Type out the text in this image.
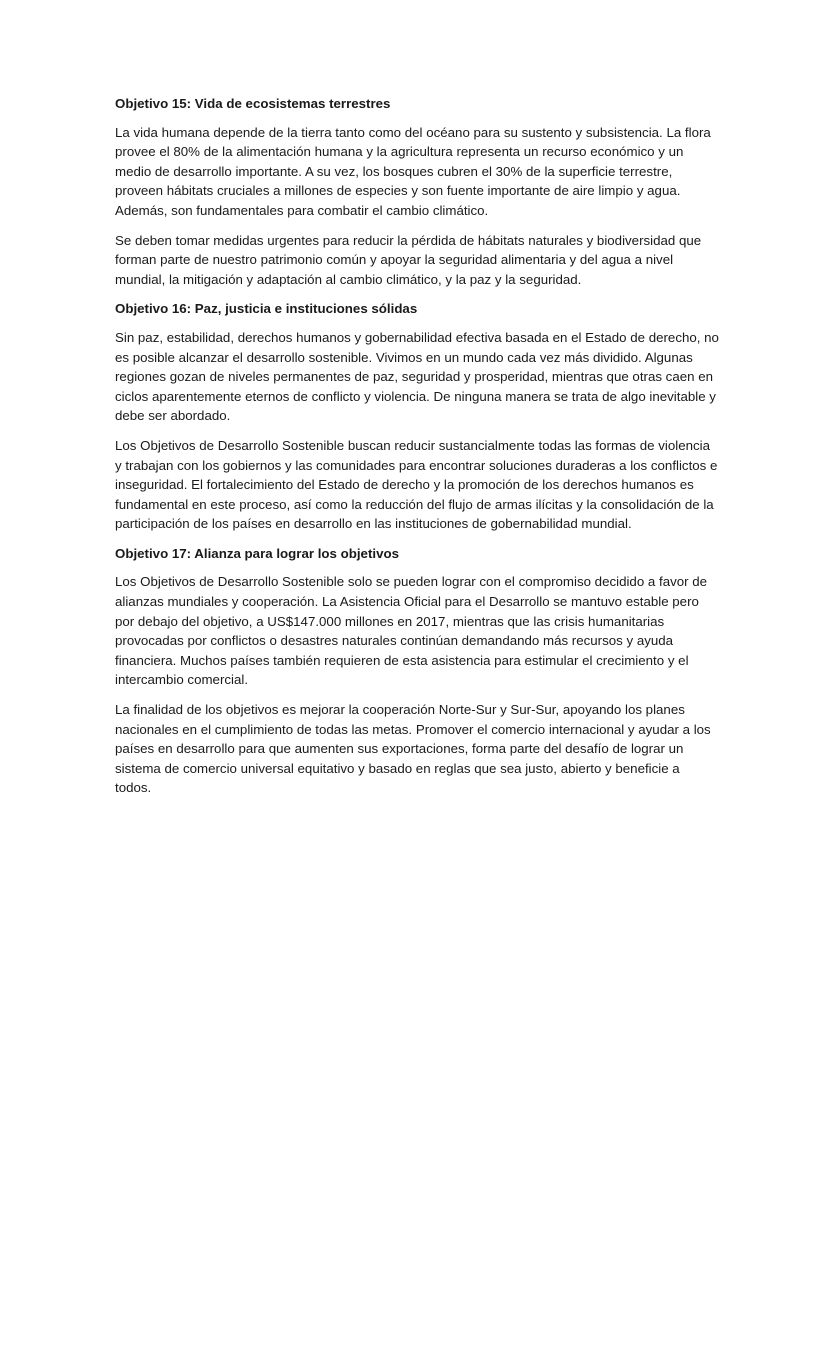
Objetivo 15: Vida de ecosistemas terrestres

La vida humana depende de la tierra tanto como del océano para su sustento y subsistencia. La flora provee el 80% de la alimentación humana y la agricultura representa un recurso económico y un medio de desarrollo importante. A su vez, los bosques cubren el 30% de la superficie terrestre, proveen hábitats cruciales a millones de especies y son fuente importante de aire limpio y agua. Además, son fundamentales para combatir el cambio climático.

Se deben tomar medidas urgentes para reducir la pérdida de hábitats naturales y biodiversidad que forman parte de nuestro patrimonio común y apoyar la seguridad alimentaria y del agua a nivel mundial, la mitigación y adaptación al cambio climático, y la paz y la seguridad.

Objetivo 16: Paz, justicia e instituciones sólidas

Sin paz, estabilidad, derechos humanos y gobernabilidad efectiva basada en el Estado de derecho, no es posible alcanzar el desarrollo sostenible. Vivimos en un mundo cada vez más dividido. Algunas regiones gozan de niveles permanentes de paz, seguridad y prosperidad, mientras que otras caen en ciclos aparentemente eternos de conflicto y violencia. De ninguna manera se trata de algo inevitable y debe ser abordado.

Los Objetivos de Desarrollo Sostenible buscan reducir sustancialmente todas las formas de violencia y trabajan con los gobiernos y las comunidades para encontrar soluciones duraderas a los conflictos e inseguridad. El fortalecimiento del Estado de derecho y la promoción de los derechos humanos es fundamental en este proceso, así como la reducción del flujo de armas ilícitas y la consolidación de la participación de los países en desarrollo en las instituciones de gobernabilidad mundial.

Objetivo 17: Alianza para lograr los objetivos

Los Objetivos de Desarrollo Sostenible solo se pueden lograr con el compromiso decidido a favor de alianzas mundiales y cooperación. La Asistencia Oficial para el Desarrollo se mantuvo estable pero por debajo del objetivo, a US$147.000 millones en 2017, mientras que las crisis humanitarias provocadas por conflictos o desastres naturales continúan demandando más recursos y ayuda financiera. Muchos países también requieren de esta asistencia para estimular el crecimiento y el intercambio comercial.

La finalidad de los objetivos es mejorar la cooperación Norte-Sur y Sur-Sur, apoyando los planes nacionales en el cumplimiento de todas las metas. Promover el comercio internacional y ayudar a los países en desarrollo para que aumenten sus exportaciones, forma parte del desafío de lograr un sistema de comercio universal equitativo y basado en reglas que sea justo, abierto y beneficie a todos.
